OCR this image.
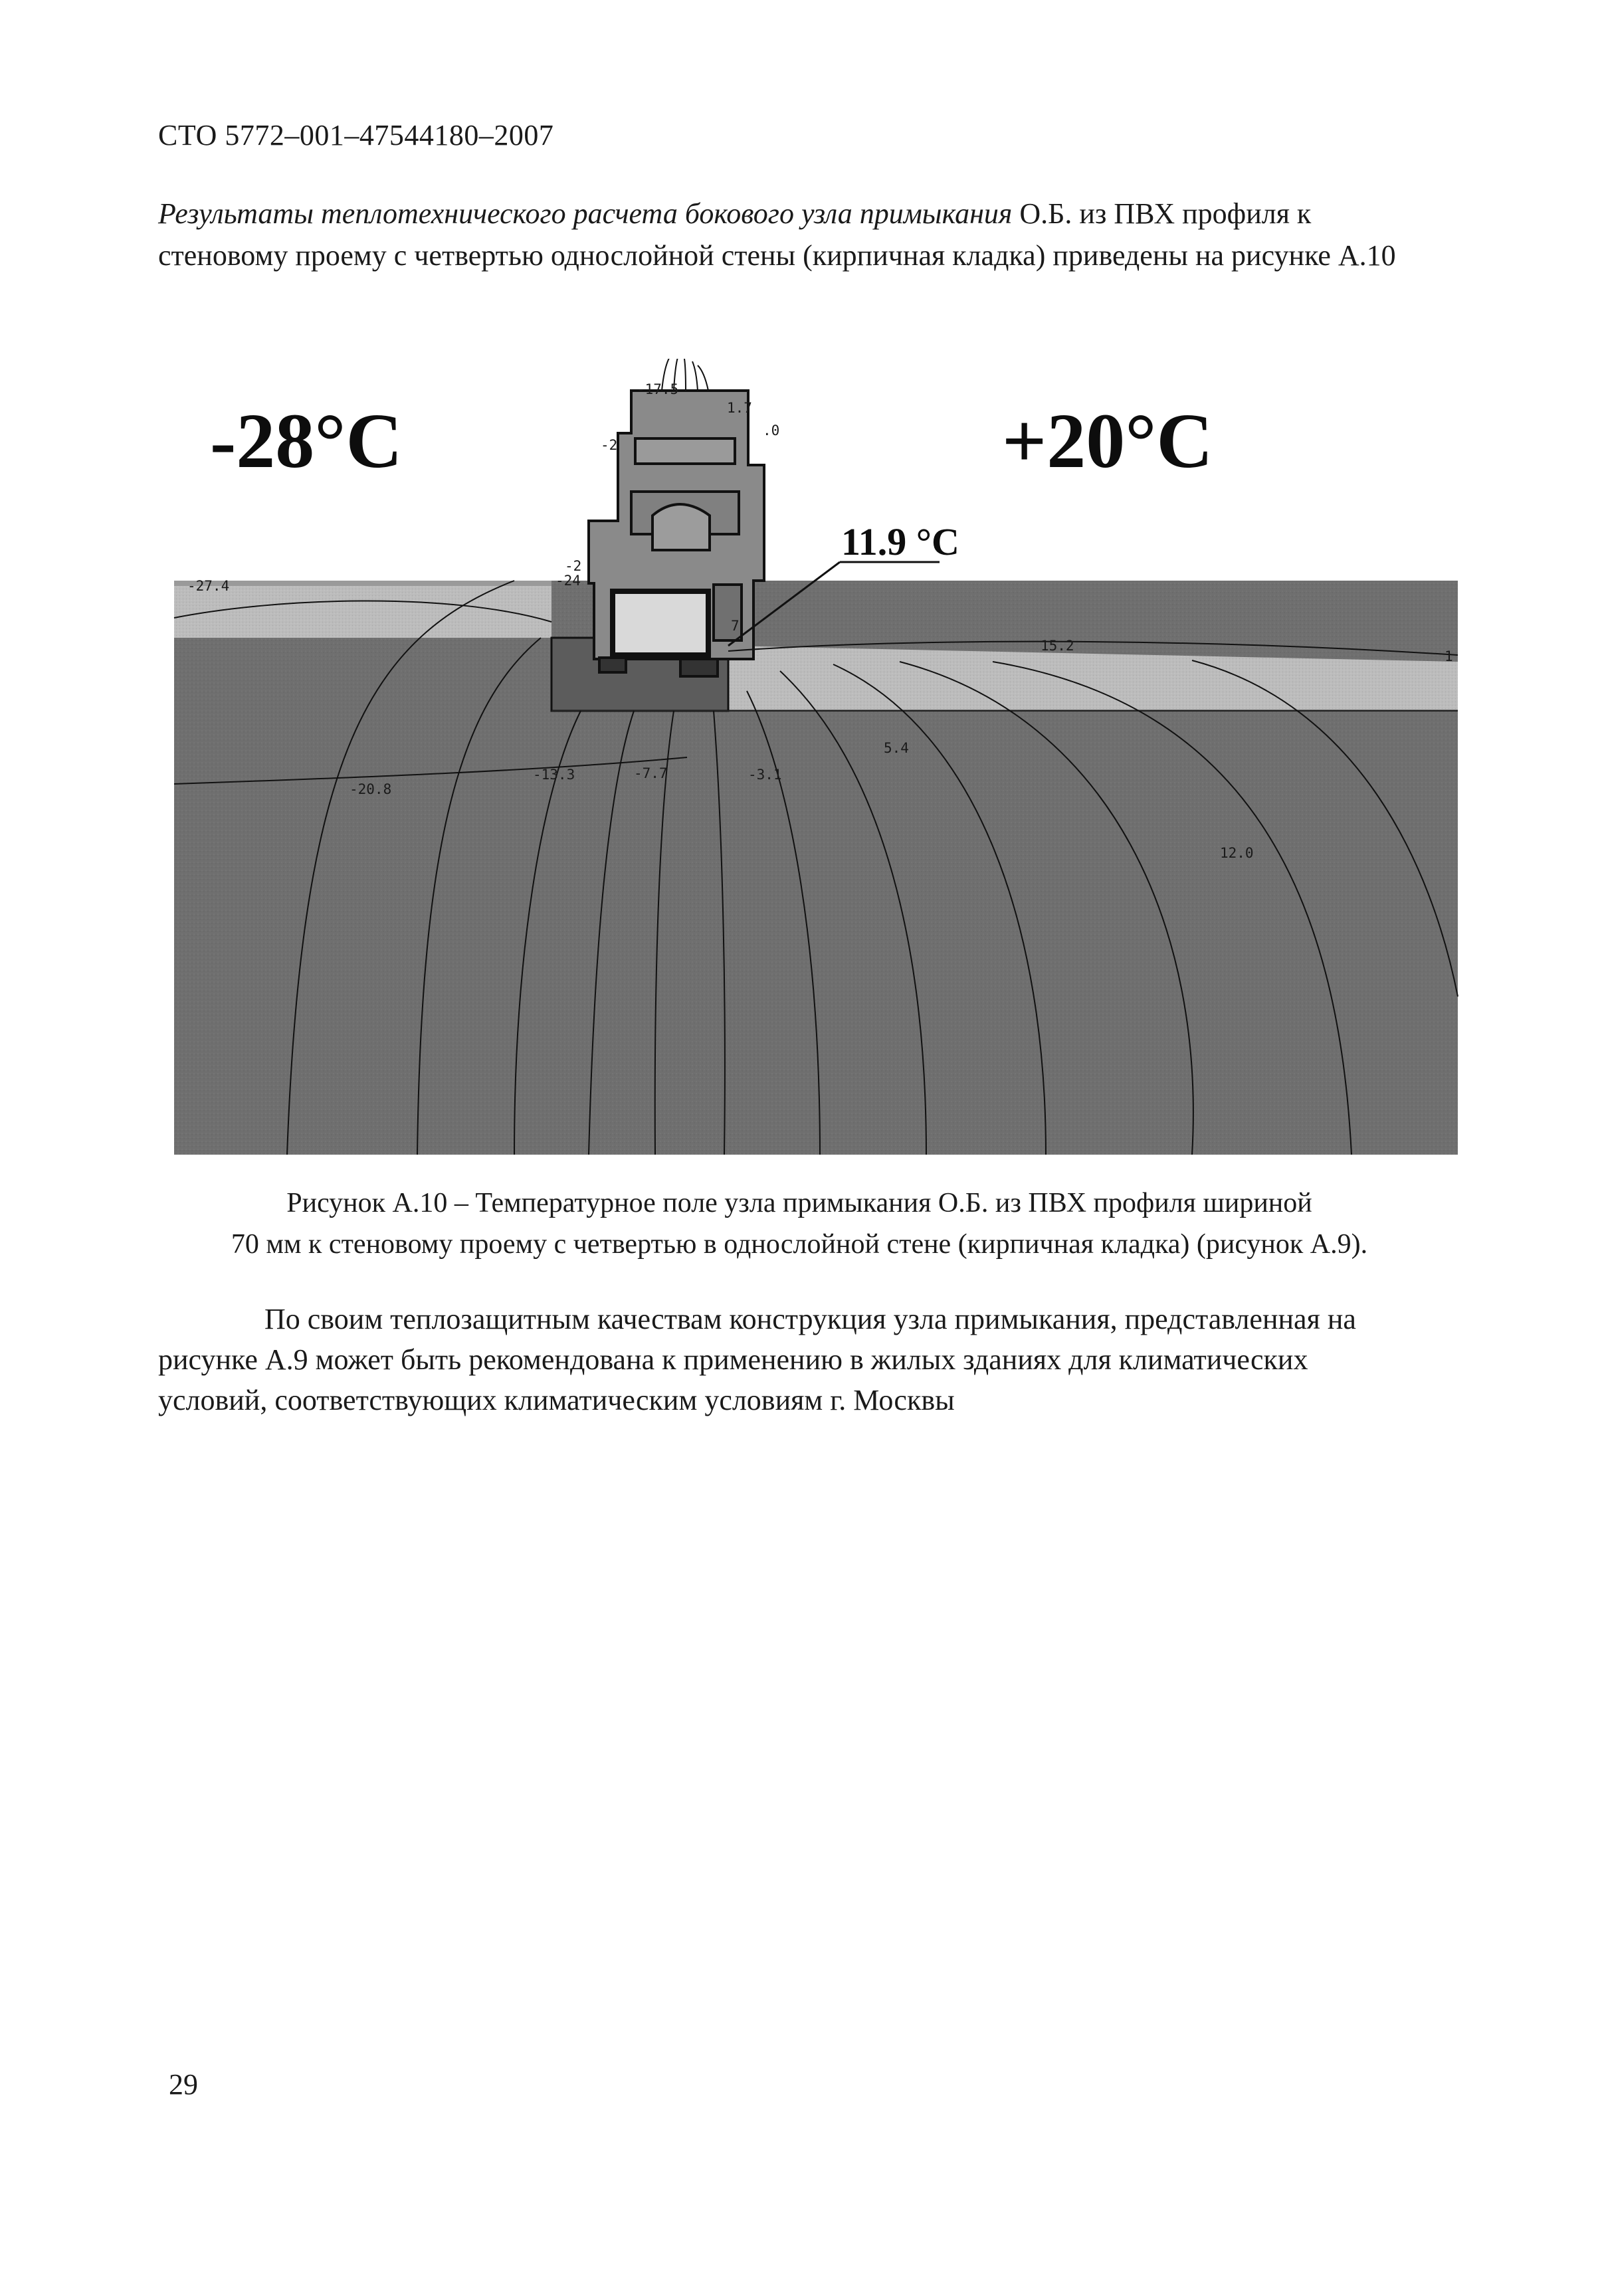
СТО 5772–001–47544180–2007
Результаты теплотехнического расчета бокового узла примыкания О.Б. из ПВХ профиля к стеновому проему с четвертью однослойной стены (кирпичная кладка) приведены на рисунке А.10
-28°С	+20°С
11.9 °С
-17.5
1.7
.0
-2
-2
-24
-27.4
7
15.2
1
5.4
-20.8
-13.3	-7.7	-3.1
12.0
Рисунок А.10 – Температурное поле узла примыкания О.Б. из ПВХ профиля шириной
70 мм к стеновому проему с четвертью в однослойной стене (кирпичная кладка) (рисунок А.9).
По своим теплозащитным качествам конструкция узла примыкания, представленная на рисунке А.9 может быть рекомендована к применению в жилых зданиях для климатических условий, соответствующих климатическим условиям г. Москвы
29
